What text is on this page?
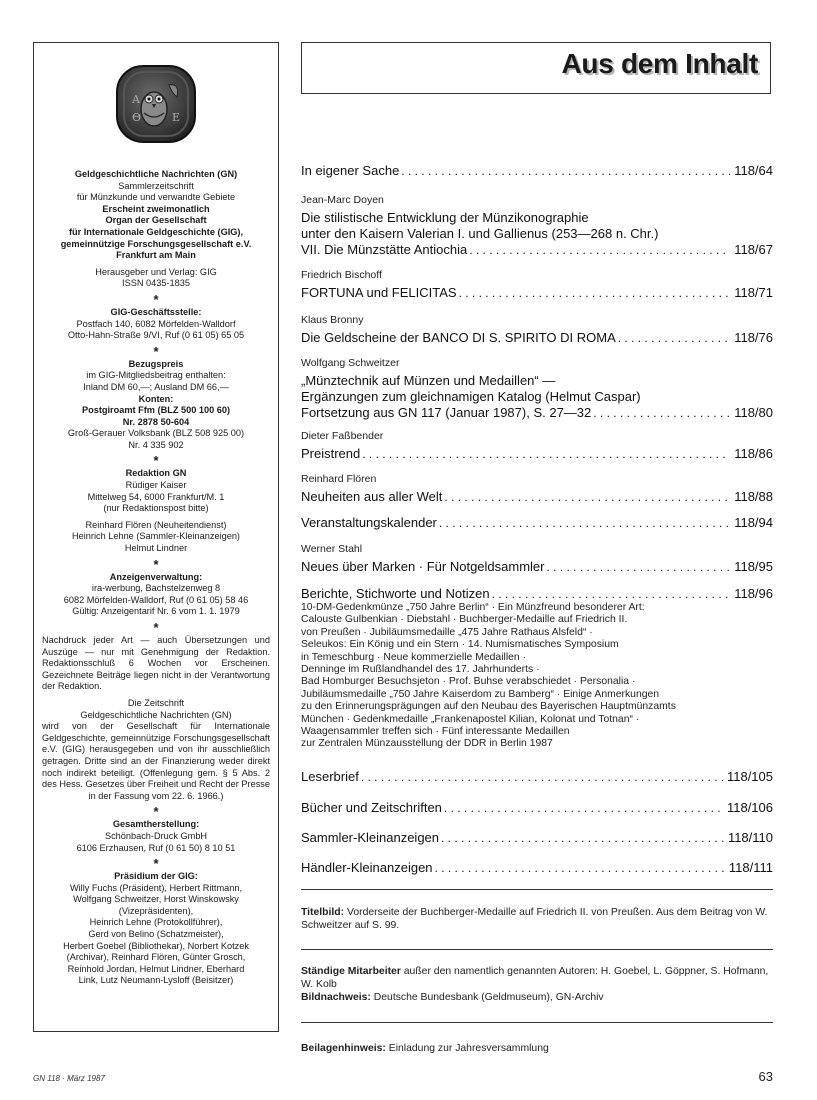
A
Θ	E
Geldgeschichtliche Nachrichten (GN)
Sammlerzeitschrift
für Münzkunde und verwandte Gebiete
Erscheint zweimonatlich
Organ der Gesellschaft
für Internationale Geldgeschichte (GIG),
gemeinnützige Forschungsgesellschaft e.V.
Frankfurt am Main
Herausgeber und Verlag: GIG
ISSN 0435-1835
*
GIG-Geschäftsstelle:
Postfach 140, 6082 Mörfelden-Walldorf
Otto-Hahn-Straße 9/VI, Ruf (0 61 05) 65 05
*
Bezugspreis
im GIG-Mitgliedsbeitrag enthalten:
Inland DM 60,—; Ausland DM 66,—
Konten:
Postgiroamt Ffm (BLZ 500 100 60)
Nr. 2878 50-604
Groß-Gerauer Volksbank (BLZ 508 925 00)
Nr. 4 335 902
*
Redaktion GN
Rüdiger Kaiser
Mittelweg 54, 6000 Frankfurt/M. 1
(nur Redaktionspost bitte)
Reinhard Flören (Neuheitendienst)
Heinrich Lehne (Sammler-Kleinanzeigen)
Helmut Lindner
*
Anzeigenverwaltung:
ira-werbung, Bachstelzenweg 8
6082 Mörfelden-Walldorf, Ruf (0 61 05) 58 46
Gültig: Anzeigentarif Nr. 6 vom 1. 1. 1979
*
Nachdruck jeder Art — auch Übersetzungen und Auszüge — nur mit Genehmigung der Redaktion. Redaktionsschluß 6 Wochen vor Erscheinen. Gezeichnete Beiträge liegen nicht in der Verantwortung der Redaktion.
Die Zeitschrift
Geldgeschichtliche Nachrichten (GN)
wird von der Gesellschaft für Internationale Geldgeschichte, gemeinnützige Forschungsgesellschaft e.V. (GIG) herausgegeben und von ihr ausschließlich getragen. Dritte sind an der Finanzierung weder direkt noch indirekt beteiligt. (Offenlegung gem. § 5 Abs. 2 des Hess. Gesetzes über Freiheit und Recht der Presse in der Fassung vom 22. 6. 1966.)
*
Gesamtherstellung:
Schönbach-Druck GmbH
6106 Erzhausen, Ruf (0 61 50) 8 10 51
*
Präsidium der GIG:
Willy Fuchs (Präsident), Herbert Rittmann,
Wolfgang Schweitzer, Horst Winskowsky
(Vizepräsidenten),
Heinrich Lehne (Protokollführer),
Gerd von Belino (Schatzmeister),
Herbert Goebel (Bibliothekar), Norbert Kotzek
(Archivar), Reinhard Flören, Günter Grosch,
Reinhold Jordan, Helmut Lindner, Eberhard
Link, Lutz Neumann-Lysloff (Beisitzer)
Aus dem Inhalt
In eigener Sache . . .	118/64
Jean-Marc Doyen
Die stilistische Entwicklung der Münzikonographie
unter den Kaisern Valerian I. und Gallienus (253—268 n. Chr.)
VII. Die Münzstätte Antiochia . . .	118/67
Friedrich Bischoff
FORTUNA und FELICITAS . . .	118/71
Klaus Bronny
Die Geldscheine der BANCO DI S. SPIRITO DI ROMA . . .	118/76
Wolfgang Schweitzer
„Münztechnik auf Münzen und Medaillen“ —
Ergänzungen zum gleichnamigen Katalog (Helmut Caspar)
Fortsetzung aus GN 117 (Januar 1987), S. 27—32 . . .	118/80
Dieter Faßbender
Preistrend . . .	118/86
Reinhard Flören
Neuheiten aus aller Welt . . .	118/88
Veranstaltungskalender . . .	118/94
Werner Stahl
Neues über Marken · Für Notgeldsammler . . .	118/95
Berichte, Stichworte und Notizen . . .	118/96
10-DM-Gedenkmünze „750 Jahre Berlin“ · Ein Münzfreund besonderer Art:
Calouste Gulbenkian · Diebstahl · Buchberger-Medaille auf Friedrich II.
von Preußen · Jubiläumsmedaille „475 Jahre Rathaus Alsfeld“ ·
Seleukos: Ein König und ein Stern · 14. Numismatisches Symposium
in Temeschburg · Neue kommerzielle Medaillen ·
Denninge im Rußlandhandel des 17. Jahrhunderts ·
Bad Homburger Besuchsjeton · Prof. Buhse verabschiedet · Personalia ·
Jubiläumsmedaille „750 Jahre Kaiserdom zu Bamberg“ · Einige Anmerkungen
zu den Erinnerungsprägungen auf den Neubau des Bayerischen Hauptmünzamts
München · Gedenkmedaille „Frankenapostel Kilian, Kolonat und Totnan“ ·
Waagensammler treffen sich · Fünf interessante Medaillen
zur Zentralen Münzausstellung der DDR in Berlin 1987
Leserbrief . . .	118/105
Bücher und Zeitschriften . . .	118/106
Sammler-Kleinanzeigen . . .	118/110
Händler-Kleinanzeigen . . .	118/111
Titelbild: Vorderseite der Buchberger-Medaille auf Friedrich II. von Preußen. Aus dem Beitrag von W. Schweitzer auf S. 99.
Ständige Mitarbeiter außer den namentlich genannten Autoren: H. Goebel, L. Göppner, S. Hofmann, W. Kolb
Bildnachweis: Deutsche Bundesbank (Geldmuseum), GN-Archiv
Beilagenhinweis: Einladung zur Jahresversammlung
GN 118 · März 1987	63
